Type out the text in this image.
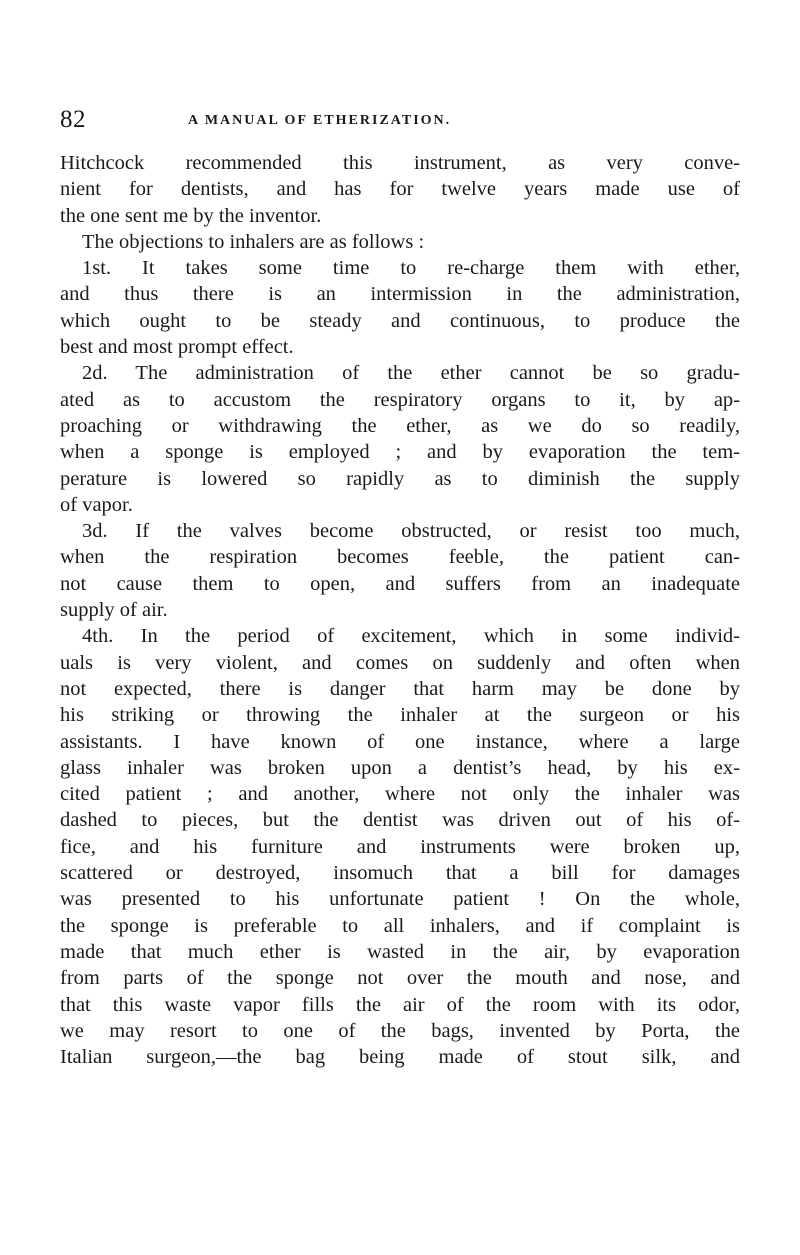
82	A MANUAL OF ETHERIZATION.
Hitchcock recommended this instrument, as very conve-
nient for dentists, and has for twelve years made use of
the one sent me by the inventor.
The objections to inhalers are as follows :
1st. It takes some time to re-charge them with ether,
and thus there is an intermission in the administration,
which ought to be steady and continuous, to produce the
best and most prompt effect.
2d. The administration of the ether cannot be so gradu-
ated as to accustom the respiratory organs to it, by ap-
proaching or withdrawing the ether, as we do so readily,
when a sponge is employed ; and by evaporation the tem-
perature is lowered so rapidly as to diminish the supply
of vapor.
3d. If the valves become obstructed, or resist too much,
when the respiration becomes feeble, the patient can-
not cause them to open, and suffers from an inadequate
supply of air.
4th. In the period of excitement, which in some individ-
uals is very violent, and comes on suddenly and often when
not expected, there is danger that harm may be done by
his striking or throwing the inhaler at the surgeon or his
assistants. I have known of one instance, where a large
glass inhaler was broken upon a dentist’s head, by his ex-
cited patient ; and another, where not only the inhaler was
dashed to pieces, but the dentist was driven out of his of-
fice, and his furniture and instruments were broken up,
scattered or destroyed, insomuch that a bill for damages
was presented to his unfortunate patient ! On the whole,
the sponge is preferable to all inhalers, and if complaint is
made that much ether is wasted in the air, by evaporation
from parts of the sponge not over the mouth and nose, and
that this waste vapor fills the air of the room with its odor,
we may resort to one of the bags, invented by Porta, the
Italian surgeon,—the bag being made of stout silk, and
